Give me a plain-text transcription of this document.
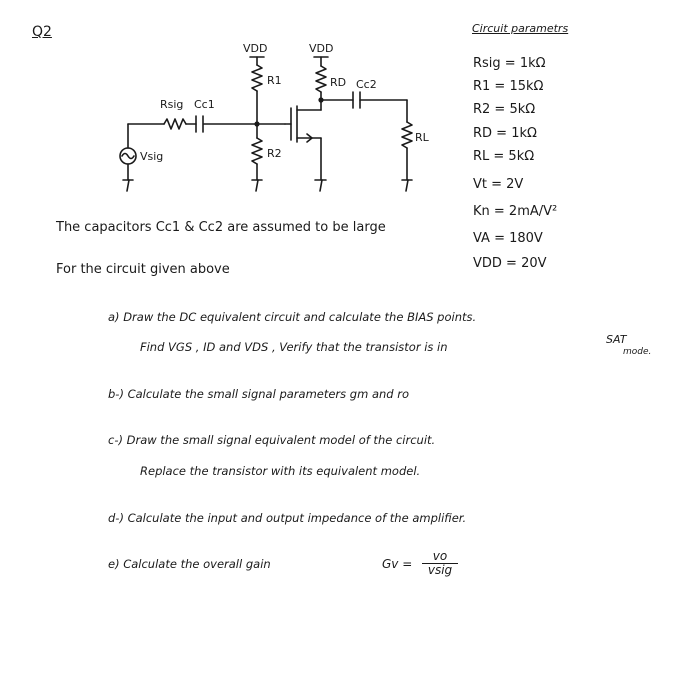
Q2	Circuit parametrs
Rsig = 1kΩ
R1 = 15kΩ
R2 = 5kΩ
RD = 1kΩ
RL = 5kΩ
Vt = 2V
Kn = 2mA/V²
VA = 180V
VDD = 20V
VDD	VDD
R1	RD Cc2
Rsig Cc1
R2
RL
Vsig
The capacitors Cc1 & Cc2 are assumed to be large
For the circuit given above
a) Draw the DC equivalent circuit and calculate the BIAS points.
Find VGS , ID and VDS , Verify that the transistor is in
SAT
mode.
b-) Calculate the small signal parameters gm and ro
c-) Draw the small signal equivalent model of the circuit.
Replace the transistor with its equivalent model.
d-) Calculate the input and output impedance of the amplifier.
e) Calculate the overall gain	Gv =
vo
vsig
